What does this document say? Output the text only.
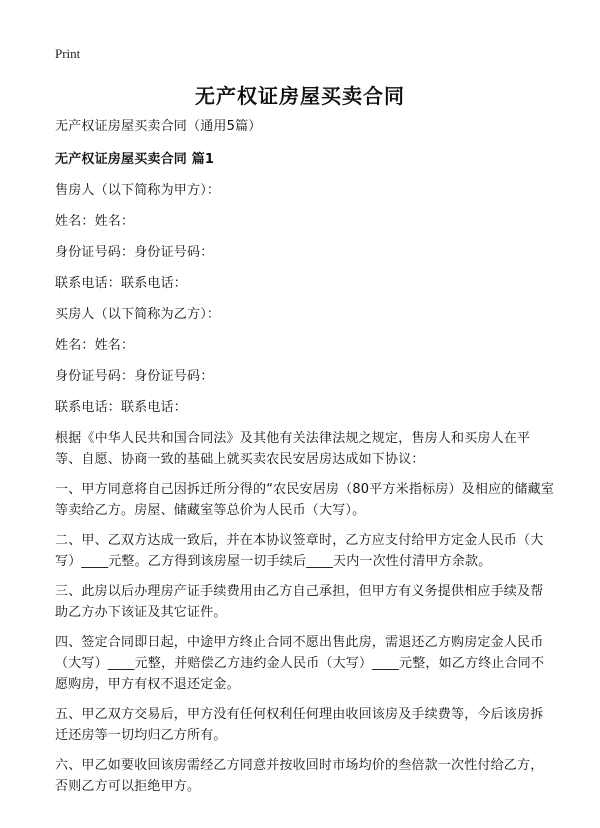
Print
无产权证房屋买卖合同

无产权证房屋买卖合同（通用5篇）

无产权证房屋买卖合同 篇1

售房人（以下简称为甲方）：

姓名：姓名：

身份证号码：身份证号码：

联系电话：联系电话：

买房人（以下简称为乙方）：

姓名：姓名：

身份证号码：身份证号码：

联系电话：联系电话：

根据《中华人民共和国合同法》及其他有关法律法规之规定，售房人和买房人在平等、自愿、协商一致的基础上就买卖农民安居房达成如下协议：

一、甲方同意将自己因拆迁所分得的“农民安居房（80平方米指标房）及相应的储藏室等卖给乙方。房屋、储藏室等总价为人民币（大写）。

二、甲、乙双方达成一致后，并在本协议签章时，乙方应支付给甲方定金人民币（大写）____元整。乙方得到该房屋一切手续后____天内一次性付清甲方余款。

三、此房以后办理房产证手续费用由乙方自己承担，但甲方有义务提供相应手续及帮助乙方办下该证及其它证件。

四、签定合同即日起，中途甲方终止合同不愿出售此房，需退还乙方购房定金人民币（大写）____元整，并赔偿乙方违约金人民币（大写）____元整，如乙方终止合同不愿购房，甲方有权不退还定金。

五、甲乙双方交易后，甲方没有任何权利任何理由收回该房及手续费等，今后该房拆迁还房等一切均归乙方所有。

六、甲乙如要收回该房需经乙方同意并按收回时市场均价的叁倍款一次性付给乙方，否则乙方可以拒绝甲方。
